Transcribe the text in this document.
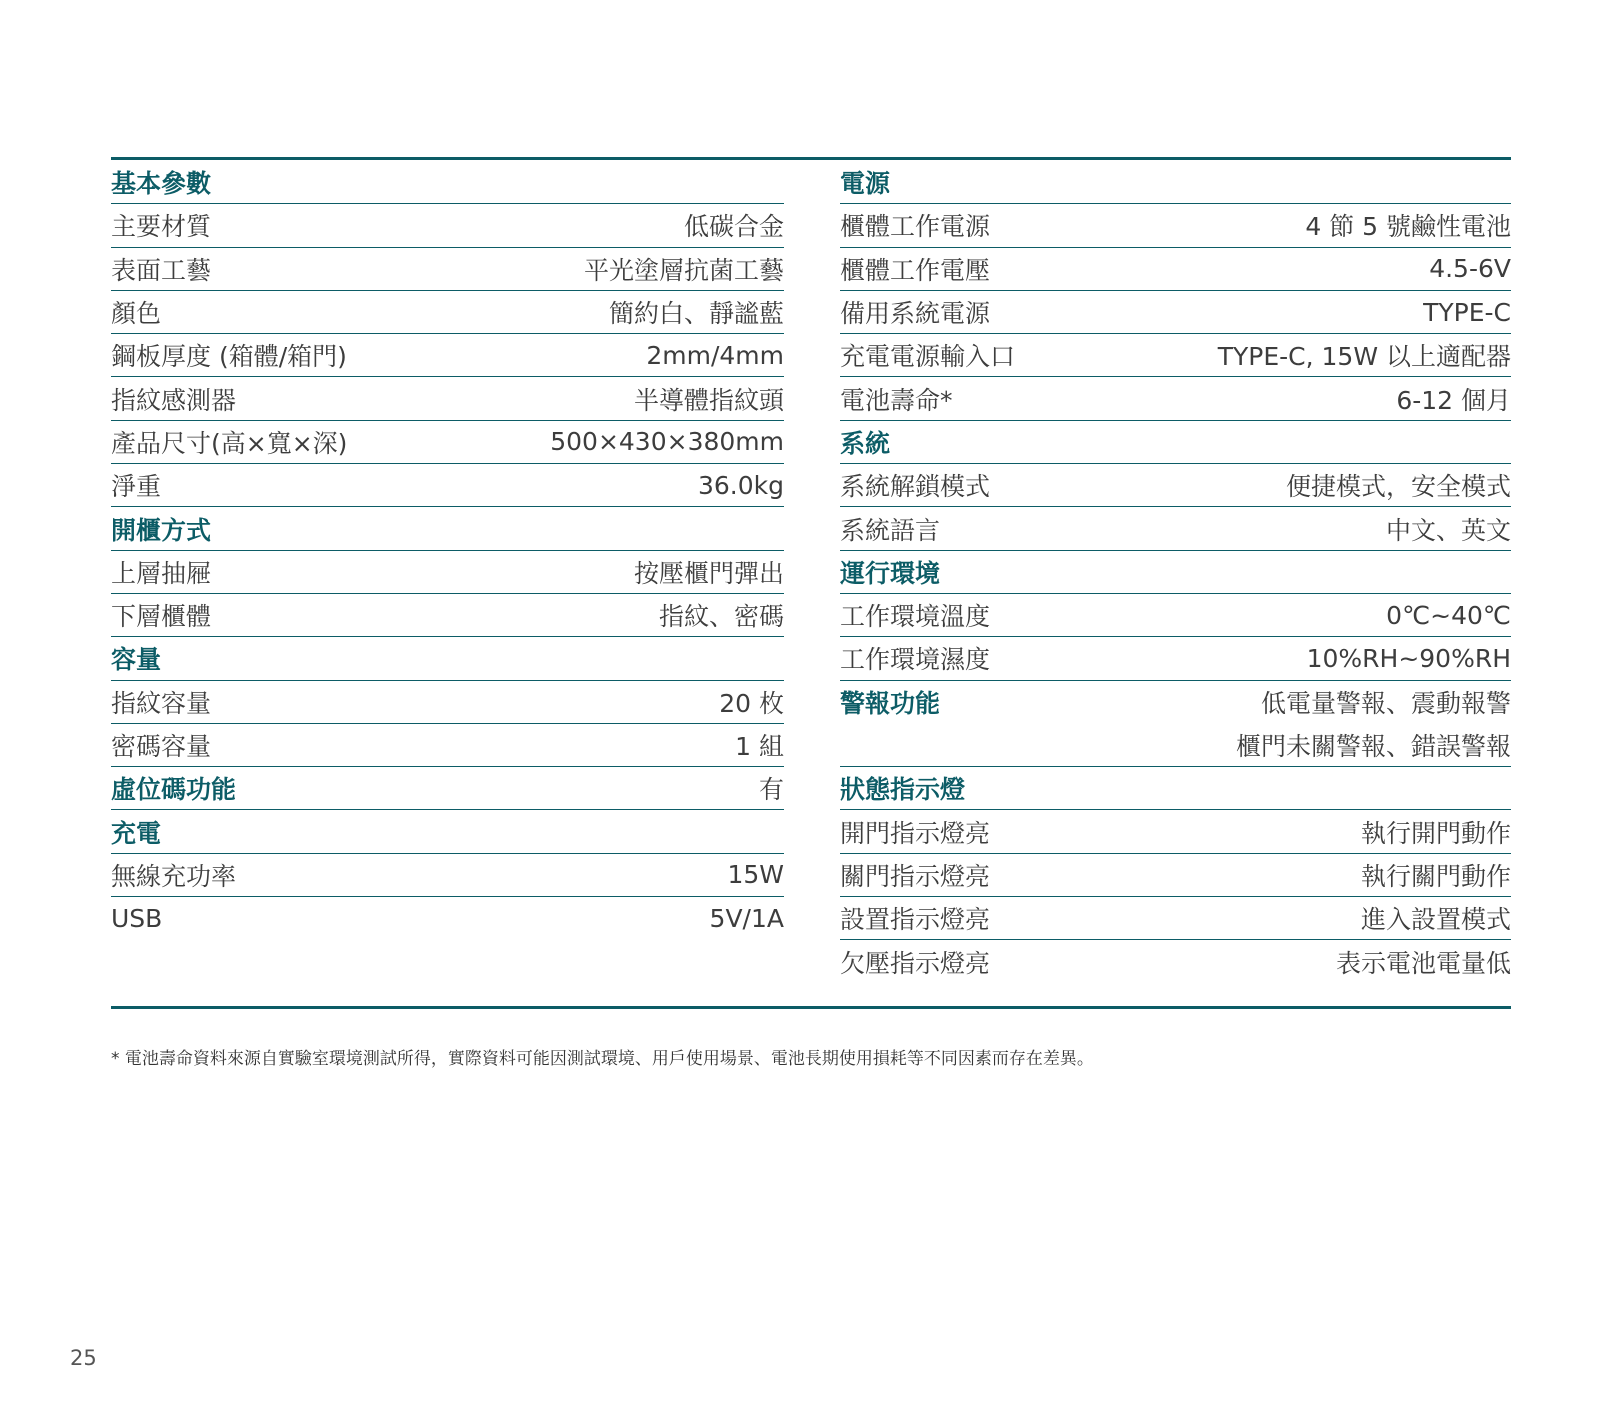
基本參數
主要材質	低碳合金
表面工藝	平光塗層抗菌工藝
顏色	簡約白、靜謐藍
鋼板厚度 (箱體/箱門)	2mm/4mm
指紋感測器	半導體指紋頭
產品尺寸(高×寬×深)	500×430×380mm
淨重	36.0kg
開櫃方式
上層抽屜	按壓櫃門彈出
下層櫃體	指紋、密碼
容量
指紋容量	20 枚
密碼容量	1 組
虛位碼功能	有
充電
無線充功率	15W
USB	5V/1A
電源
櫃體工作電源	4 節 5 號鹼性電池
櫃體工作電壓	4.5-6V
備用系統電源	TYPE-C
充電電源輸入口	TYPE-C, 15W 以上適配器
電池壽命*	6-12 個月
系統
系統解鎖模式	便捷模式，安全模式
系統語言	中文、英文
運行環境
工作環境溫度	0℃~40℃
工作環境濕度	10%RH~90%RH
警報功能	低電量警報、震動報警
櫃門未關警報、錯誤警報
狀態指示燈
開門指示燈亮	執行開門動作
關門指示燈亮	執行關門動作
設置指示燈亮	進入設置模式
欠壓指示燈亮	表示電池電量低
* 電池壽命資料來源自實驗室環境測試所得，實際資料可能因測試環境、用戶使用場景、電池長期使用損耗等不同因素而存在差異。
25
